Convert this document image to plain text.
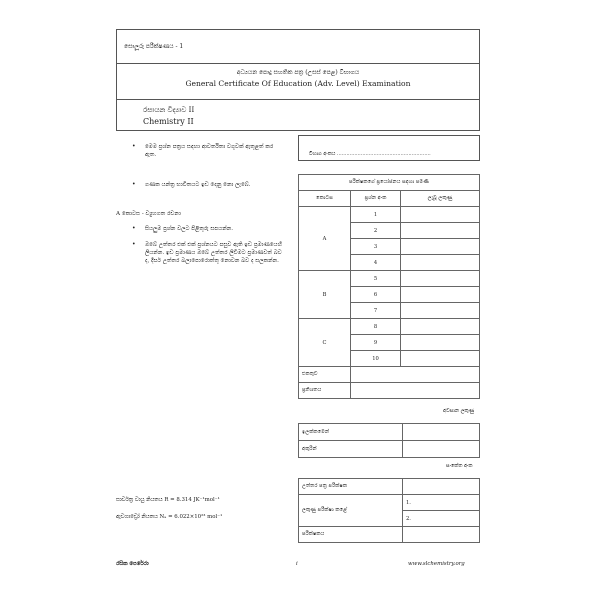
සොලූරු පරීක්ෂණය - 1
අධ්‍යයන පොදු සහතික පත්‍ර (උසස් පෙළ) විභාගය
General Certificate Of Education (Adv. Level) Examination
රසායන විද්‍යාව II
Chemistry II
• මෙම ප්‍රශ්න පත්‍රය සඳහා ආවර්තිතා වගුවක් ඇතුළත් කර ඇත.
• ගණක යන්ත්‍ර භාවිතයට ඉඩ දෙනු නො ලැබේ.
A කොටස - ව්‍යුහගත රචනා
• සියලුම ප්‍රශ්න වලට පිළිතුරු සපයන්න.
• ඔබේ උත්තර එක් එක් ප්‍රශ්නයට පසුව ඇති ඉඩ ප්‍රමාණයෙහි ලියන්න. ඉඩ ප්‍රමාණය ඔබේ උත්තර ලිවීමට ප්‍රමාණවත් බව ද, දීර්ඝ උත්තර බලාපොරොත්තු නොවන බව ද සලකන්න.
විභාග අංකය ...........................................................
පරීක්ෂකගේ ප්‍රයෝජනය සඳහා පමණි		
කොටස	ප්‍රශ්න අංක	ලැබූ ලකුණු
A	1	
	2	
	3	
	4	
B	5	
	6	
	7	
C	8	
	9	
	10	
එකතුව		
ප්‍රතිශතය		
අවසාන ලකුණු
ඉලක්කමෙන්	
අකුරින්	
සංකේත අංක
උත්තර පත්‍ර පරීක්ෂක	
ලකුණු පරීක්ෂා කළේ	1.
	2.
පරීක්ෂකය	
සාර්වත්‍ර වායු නියතය R = 8.314 JK⁻¹mol⁻¹
ඇවගාඩ්‍රෝ නියතය Nₐ = 6.022×10²³ mol⁻¹
රසික පෙරේරා	i	www.slchemistry.org
